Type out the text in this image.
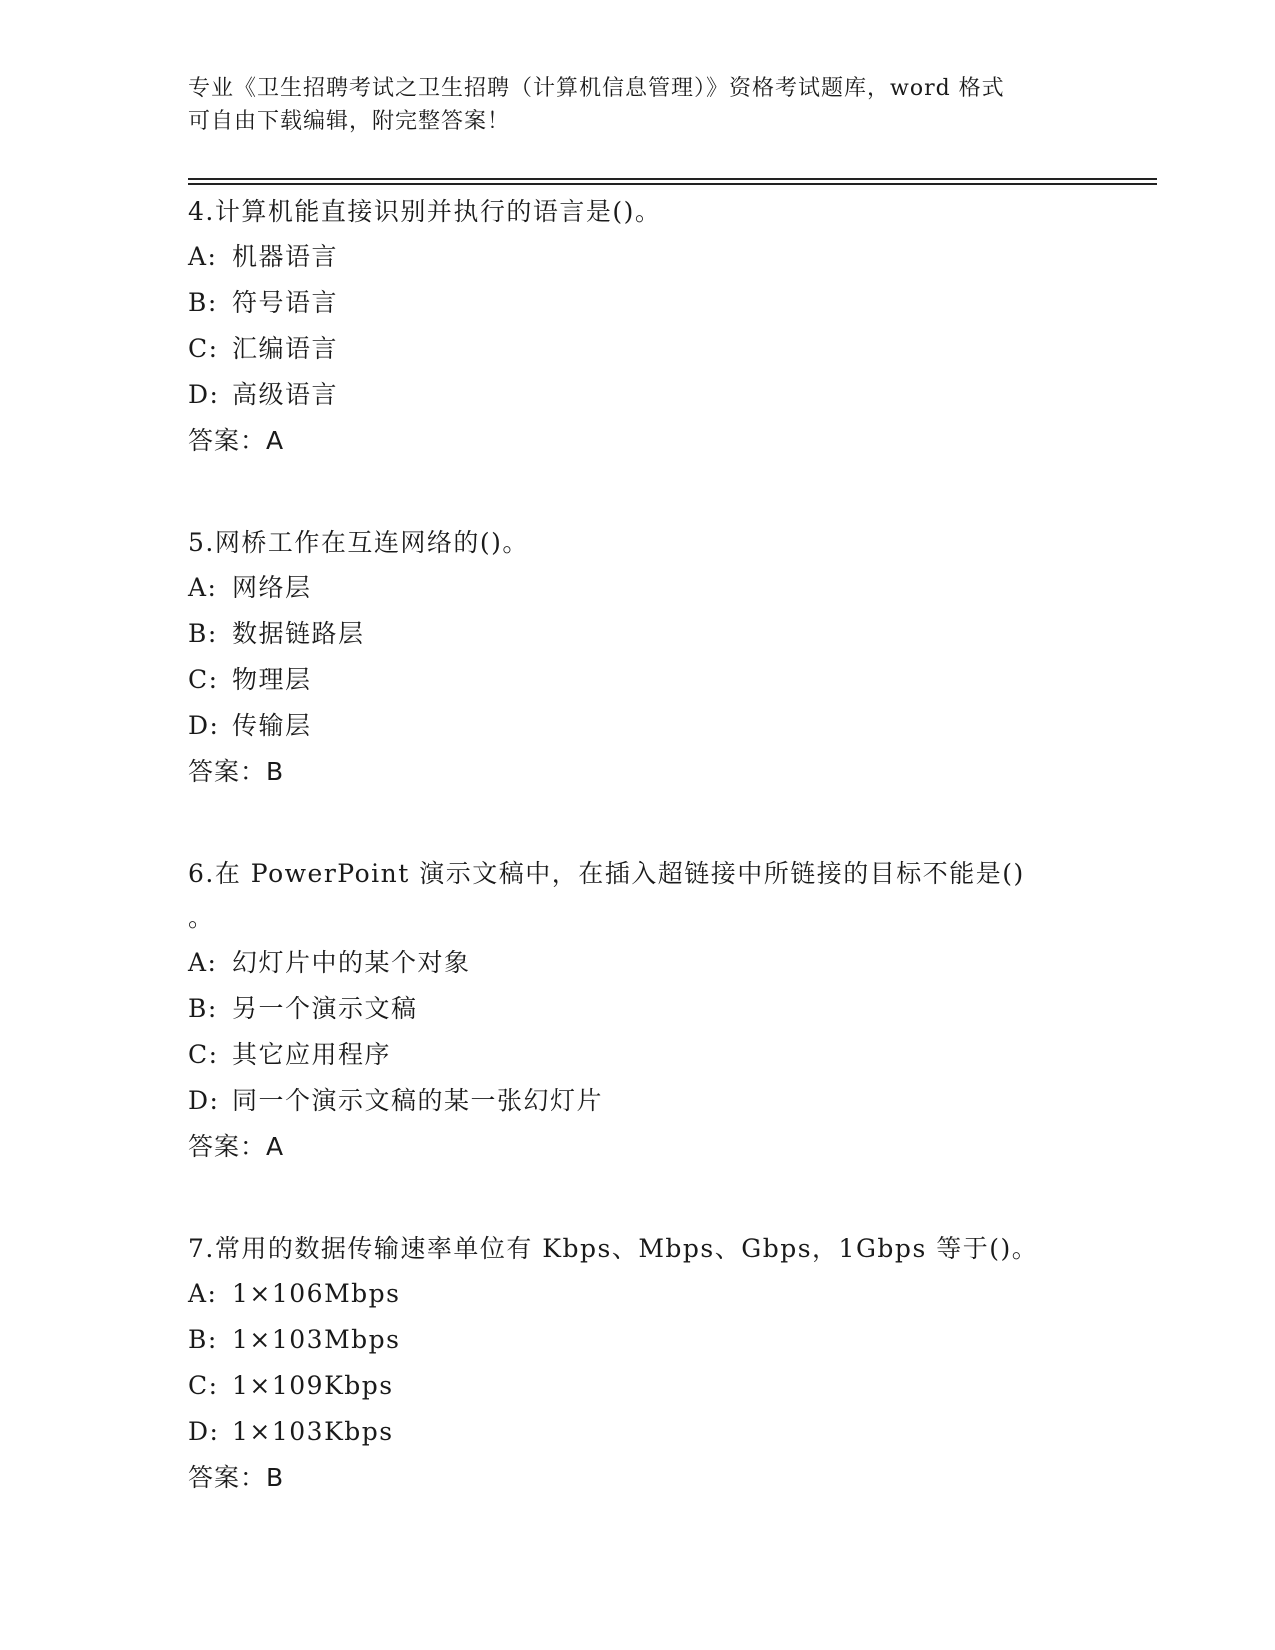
专业《卫生招聘考试之卫生招聘（计算机信息管理）》资格考试题库，word 格式
可自由下载编辑，附完整答案！
4.计算机能直接识别并执行的语言是()。
A: 机器语言
B: 符号语言
C: 汇编语言
D: 高级语言
答案：A
5.网桥工作在互连网络的()。
A: 网络层
B: 数据链路层
C: 物理层
D: 传输层
答案：B
6.在 PowerPoint 演示文稿中，在插入超链接中所链接的目标不能是()
。
A: 幻灯片中的某个对象
B: 另一个演示文稿
C: 其它应用程序
D: 同一个演示文稿的某一张幻灯片
答案：A
7.常用的数据传输速率单位有 Kbps、Mbps、Gbps，1Gbps 等于()。
A: 1×106Mbps
B: 1×103Mbps
C: 1×109Kbps
D: 1×103Kbps
答案：B
